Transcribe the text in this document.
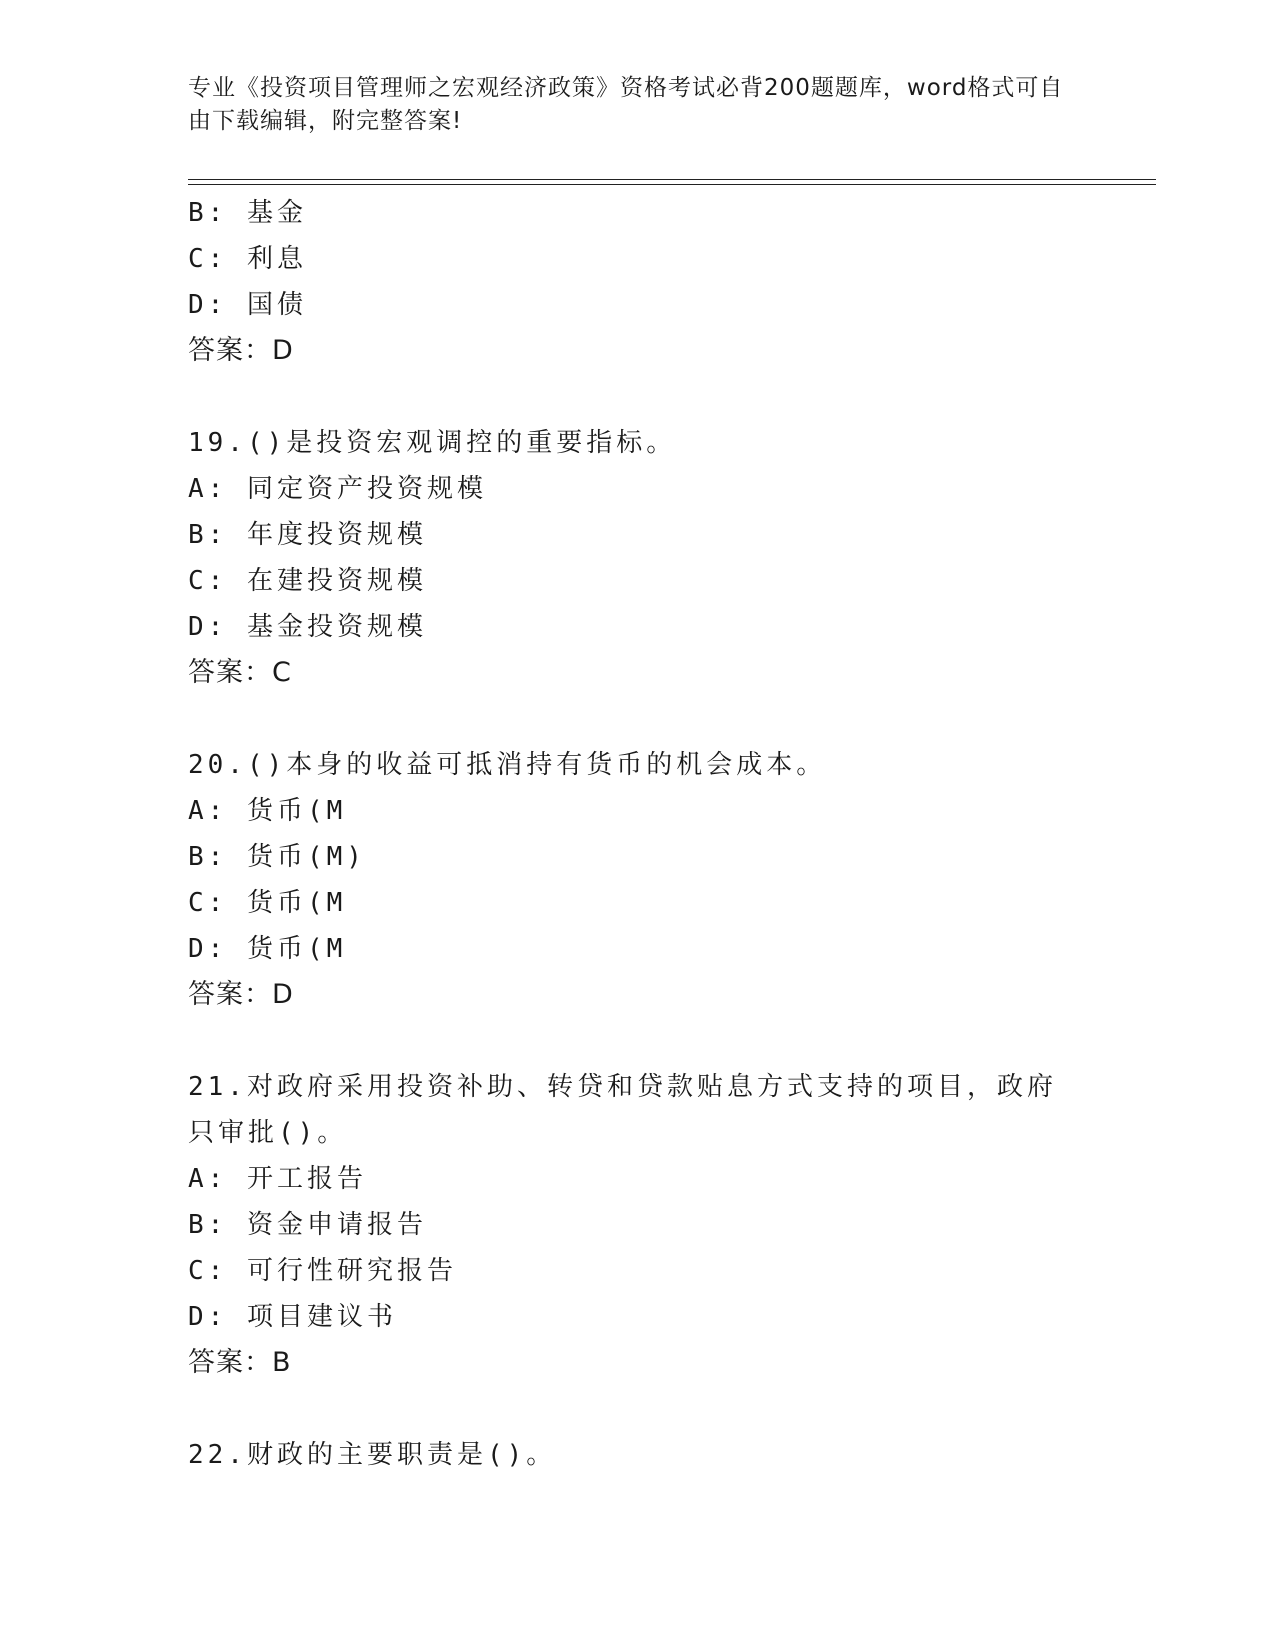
专业《投资项目管理师之宏观经济政策》资格考试必背200题题库，word格式可自由下载编辑，附完整答案!
B: 基金
C: 利息
D: 国债
答案：D
19.()是投资宏观调控的重要指标。
A: 同定资产投资规模
B: 年度投资规模
C: 在建投资规模
D: 基金投资规模
答案：C
20.()本身的收益可抵消持有货币的机会成本。
A: 货币(M
B: 货币(M)
C: 货币(M
D: 货币(M
答案：D
21.对政府采用投资补助、转贷和贷款贴息方式支持的项目，政府只审批()。
A: 开工报告
B: 资金申请报告
C: 可行性研究报告
D: 项目建议书
答案：B
22.财政的主要职责是()。
